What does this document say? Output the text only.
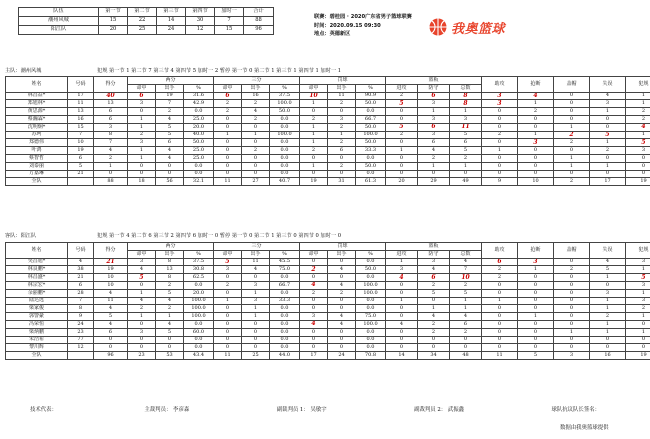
队伍	第一节	第二节	第三节	第四节	加时一	合计
潮州风城	15	22	14	30	7	88
阳江队	20	25	24	12	15	96
联赛：碧桂园 · 2020广东省男子篮球联赛
时间：2020.09.15 09:30
地点：英德新区	我奥篮球
主队：潮州风城	犯规 第一节 1 第二节 7 第三节 4 第四节 5 加时一 2 暂停 第一节 0 第二节 1 第三节 1 第四节 1 加时一 1
姓名	号码	得分	两分			三分			罚球			篮板			助攻	抢断	盖帽	失误	犯规
			命中	出手	%	命中	出手	%	命中	出手	%	进攻	防守	总数					
林昌益*	17	40	6	19	31.6	6	16	37.5	10	11	90.9	2	6	8	3	4	0	4	1
郑旭林*	11	13	3	7	42.9	2	2	100.0	1	2	50.0	5	3	8	3	1	0	3	1
黄思源*	13	6	0	2	0.0	2	4	50.0	0	0	0.0	0	1	1	0	2	0	1	2
蔡瀚霖*	16	6	1	4	25.0	0	2	0.0	2	3	66.7	0	3	3	0	0	0	0	2
沈明炯*	15	3	1	5	20.0	0	0	0.0	1	2	50.0	5	6	11	0	0	1	0	4
苏珂	7	8	2	5	40.0	1	1	100.0	1	1	100.0	2	3	5	2	1	2	5	1
郑德伟	10	7	3	6	50.0	0	0	0.0	1	2	50.0	0	6	6	0	3	2	1	5
叶鸿	19	4	1	4	25.0	0	2	0.0	2	6	33.3	1	4	5	1	0	0	2	3
蔡智哲	6	2	1	4	25.0	0	0	0.0	0	0	0.0	0	2	2	0	0	1	0	0
刘泰丽	5	1	0	0	0.0	0	0	0.0	1	2	50.0	0	1	1	0	0	1	1	0
方嘉琳	21	0	0	0	0.0	0	0	0.0	0	0	0.0	0	0	0	0	0	0	0	0
全队		88	18	56	32.1	11	27	40.7	19	31	61.3	20	29	49	9	10	2	17	19
客队：阳江队	犯规 第一节 4 第二节 6 第三节 2 第四节 6 加时一 0 暂停 第一节 0 第二节 1 第三节 0 第四节 0 加时一 0
姓名	号码	得分	两分			三分			罚球			篮板			助攻	抢断	盖帽	失误	犯规
			命中	出手	%	命中	出手	%	命中	出手	%	进攻	防守	总数					
吴昌旭*	4	21	3	8	37.5	5	11	45.5	0	0	0.0	1	3	4	6	3	0	4	3
林良鹏*	38	19	4	13	30.8	3	4	75.0	2	4	50.0	3	4	7	2	1	2	5	1
林昌盛*	21	10	5	8	62.5	0	0	0.0	0	0	0.0	4	6	10	2	0	0	1	5
林宗宏*	6	10	0	2	0.0	2	3	66.7	4	4	100.0	0	2	2	0	0	0	0	3
余丽鹏*	28	4	1	5	20.0	0	1	0.0	2	2	100.0	0	5	5	0	0	0	3	1
陆达远	7	11	4	4	100.0	1	3	33.3	0	0	0.0	1	0	1	1	0	0	1	3
梁家俊	8	4	2	2	100.0	0	1	0.0	0	0	0.0	0	1	1	0	0	0	1	2
郭警豪	9	5	1	1	100.0	0	1	0.0	3	4	75.0	0	4	4	0	1	0	2	1
冯荣恒	24	4	0	4	0.0	0	0	0.0	4	4	100.0	4	2	6	0	0	0	1	0
梁炳鹏	23	6	3	5	60.0	0	0	0.0	0	0	0.0	0	2	2	0	0	1	1	1
朱浩希	77	0	0	0	0.0	0	0	0.0	0	0	0.0	0	0	0	0	0	0	0	0
黎川辉	12	0	0	0	0.0	0	0	0.0	0	0	0.0	0	0	0	0	0	0	0	0
全队		96	23	53	43.4	11	25	44.0	17	24	70.8	14	34	48	11	5	3	16	19
技术代表：	主裁判员： 李彦森	副裁判员 1： 吴敏宇	副裁判员 2： 武振鑫	球队抗议队长签名：
数据由我奥篮球提供
